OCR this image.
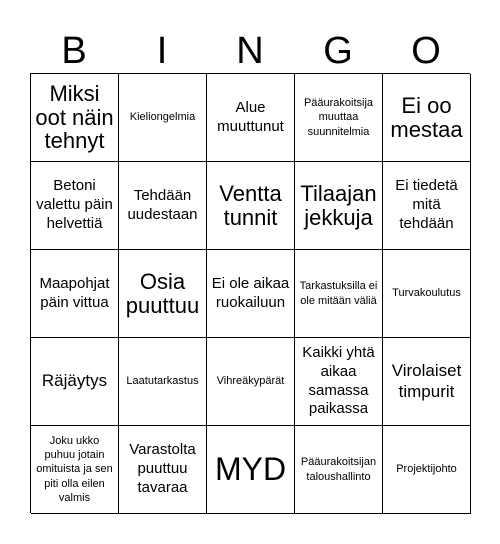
B	I	N	G	O
Miksi oot näin tehnyt
Kieliongelmia
Alue muuttunut
Pääurakoitsija muuttaa suunnitelmia
Ei oo mestaa
Betoni valettu päin helvettiä
Tehdään uudestaan
Ventta tunnit
Tilaajan jekkuja
Ei tiedetä mitä tehdään
Maapohjat päin vittua
Osia puuttuu
Ei ole aikaa ruokailuun
Tarkastuksilla ei ole mitään väliä
Turvakoulutus
Räjäytys Laatutarkastus Vihreäkypärät
Kaikki yhtä aikaa samassa paikassa
Virolaiset timpurit
Joku ukko puhuu jotain omituista ja sen piti olla eilen valmis
Varastolta puuttuu tavaraa
MYD Pääurakoitsijan taloushallinto
Projektijohto
